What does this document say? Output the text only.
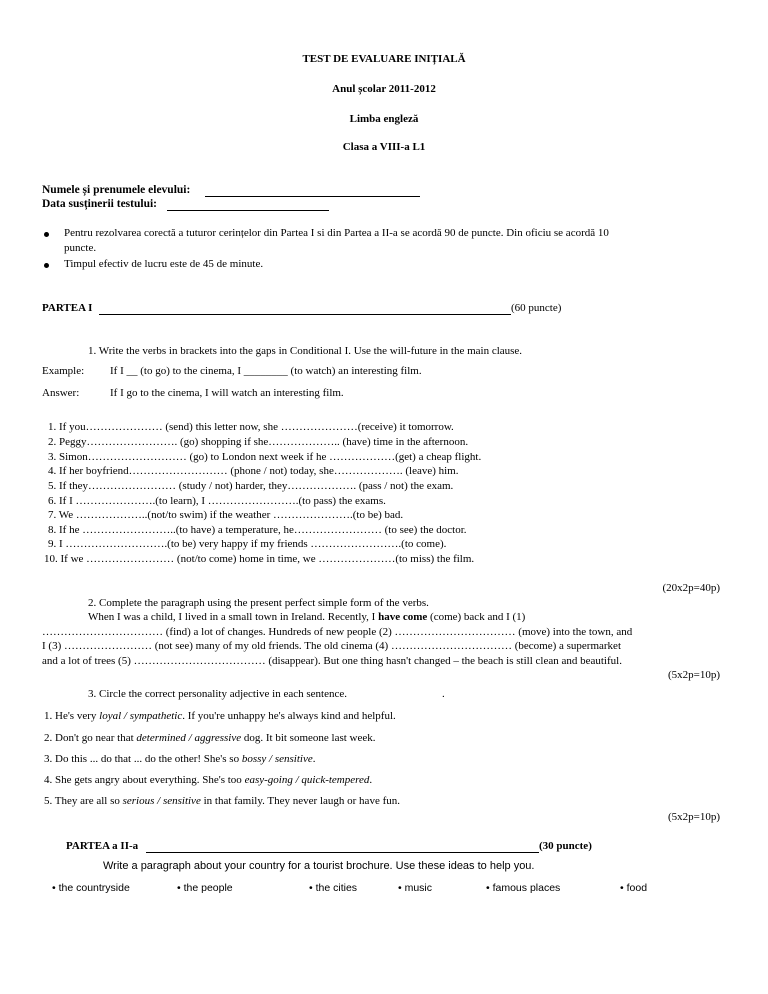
TEST DE EVALUARE INIȚIALĂ
Anul școlar 2011-2012
Limba engleză
Clasa a VIII-a L1
Numele și prenumele elevului:
Data susținerii testului:
Pentru rezolvarea corectă a tuturor cerințelor din Partea I si din Partea a II-a se acordă 90 de puncte. Din oficiu se acordă 10
puncte.
Timpul efectiv de lucru este de 45 de minute.
PARTEA I	(60 puncte)
1. Write the verbs in brackets into the gaps in Conditional I. Use the will-future in the main clause.
Example: If I __ (to go) to the cinema, I ________ (to watch) an interesting film.
Answer:	If I go to the cinema, I will watch an interesting film.
1. If you………………… (send) this letter now, she …………………(receive) it tomorrow.
2. Peggy……………………. (go) shopping if she……………….. (have) time in the afternoon.
3. Simon……………………… (go) to London next week if he ………………(get) a cheap flight.
4. If her boyfriend……………………… (phone / not) today, she………………. (leave) him.
5. If they…………………… (study / not) harder, they………………. (pass / not) the exam.
6. If I ………………….(to learn), I …………………….(to pass) the exams.
7. We ………………..(not/to swim) if the weather ………………….(to be) bad.
8. If he ……………………..(to have) a temperature, he…………………… (to see) the doctor.
9. I ……………………….(to be) very happy if my friends …………………….(to come).
10. If we …………………… (not/to come) home in time, we …………………(to miss) the film.
(20x2p=40p)
2. Complete the paragraph using the present perfect simple form of the verbs.
When I was a child, I lived in a small town in Ireland. Recently, I have come (come) back and I (1)
…………………………… (find) a lot of changes. Hundreds of new people (2) …………………………… (move) into the town, and
I (3) …………………… (not see) many of my old friends. The old cinema (4) …………………………… (become) a supermarket
and a lot of trees (5) ……………………………… (disappear). But one thing hasn't changed – the beach is still clean and beautiful.
(5x2p=10p)
3. Circle the correct personality adjective in each sentence.	.
1. He's very loyal / sympathetic. If you're unhappy he's always kind and helpful.
2. Don't go near that determined / aggressive dog. It bit someone last week.
3. Do this ... do that ... do the other! She's so bossy / sensitive.
4. She gets angry about everything. She's too easy-going / quick-tempered.
5. They are all so serious / sensitive in that family. They never laugh or have fun.
(5x2p=10p)
PARTEA a II-a	(30 puncte)
Write a paragraph about your country for a tourist brochure. Use these ideas to help you.
• the countryside	• the people	• the cities	• music	• famous places	• food
